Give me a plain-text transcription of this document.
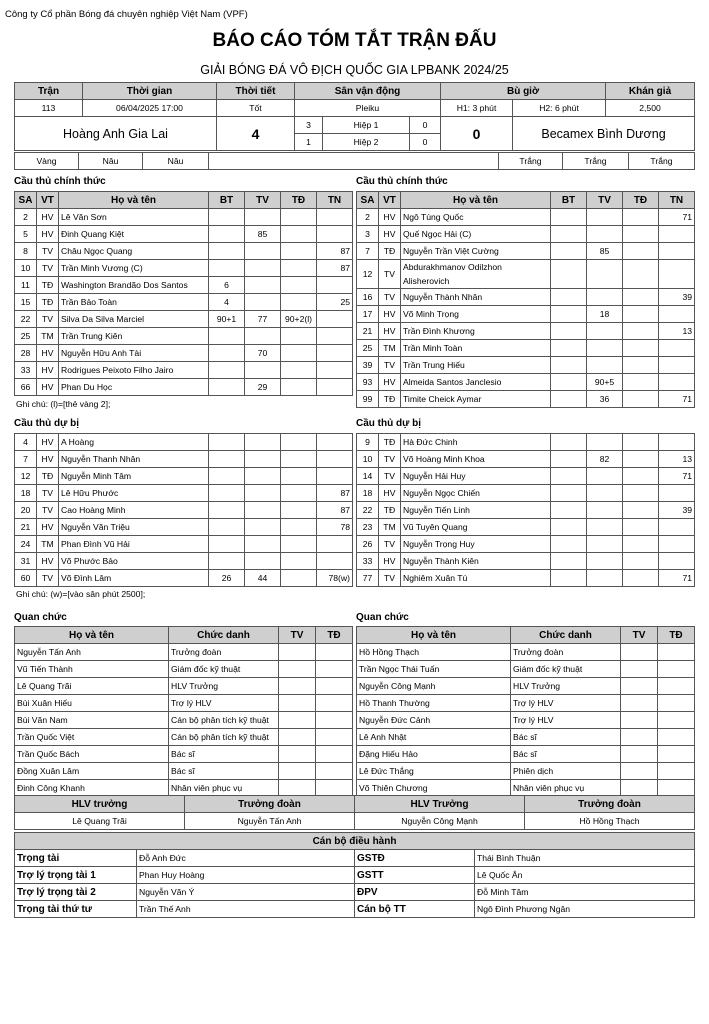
Công ty Cổ phần Bóng đá chuyên nghiệp Việt Nam (VPF)
BÁO CÁO TÓM TẮT TRẬN ĐẤU
GIẢI BÓNG ĐÁ VÔ ĐỊCH QUỐC GIA LPBANK 2024/25
Trận	Thời gian	Thời tiết	Sân vận động			Bù giờ		Khán giả
113	06/04/2025 17:00	Tốt	Pleiku			H1: 3 phút	H2: 6 phút	2,500
Hoàng Anh Gia Lai		4	3	Hiệp 1	0	0	Becamex Bình Dương	
			1	Hiệp 2	0			
Vàng	Nâu	Nâu		Trắng	Trắng	Trắng
Cầu thủ chính thức	Cầu thủ chính thức
SA	VT	Họ và tên	BT	TV	TĐ	TN
2	HV	Lê Văn Sơn				
5	HV	Đinh Quang Kiệt		85		
8	TV	Châu Ngọc Quang				87
10	TV	Trần Minh Vương (C)				87
11	TĐ	Washington Brandão Dos Santos	6			
15	TĐ	Trần Bảo Toàn	4			25
22	TV	Silva Da Silva Marciel	90+1	77	90+2(l)	
25	TM	Trần Trung Kiên				
28	HV	Nguyễn Hữu Anh Tài		70		
33	HV	Rodrigues Peixoto Filho Jairo				
66	HV	Phan Du Học		29		
SA	VT	Họ và tên	BT	TV	TĐ	TN
2	HV	Ngô Tùng Quốc				71
3	HV	Quế Ngọc Hải (C)				
7	TĐ	Nguyễn Trần Việt Cường		85		
12	TV	Abdurakhmanov Odilzhon Alisherovich				
16	TV	Nguyễn Thành Nhân				39
17	HV	Võ Minh Trọng		18		
21	HV	Trần Đình Khương				13
25	TM	Trần Minh Toàn				
39	TV	Trần Trung Hiếu				
93	HV	Almeida Santos Janclesio		90+5		
99	TĐ	Timite Cheick Aymar		36		71
Ghi chú: (l)=[thẻ vàng 2];
Cầu thủ dự bị	Cầu thủ dự bị
4	HV	A Hoàng				
7	HV	Nguyễn Thanh Nhân				
12	TĐ	Nguyễn Minh Tâm				
18	TV	Lê Hữu Phước				87
20	TV	Cao Hoàng Minh				87
21	HV	Nguyễn Văn Triệu				78
24	TM	Phan Đình Vũ Hải				
31	HV	Võ Phước Bảo				
60	TV	Võ Đình Lâm	26	44		78(w)
9	TĐ	Hà Đức Chinh				
10	TV	Võ Hoàng Minh Khoa		82		13
14	TV	Nguyễn Hải Huy				71
18	HV	Nguyễn Ngọc Chiến				
22	TĐ	Nguyễn Tiến Linh				39
23	TM	Vũ Tuyên Quang				
26	TV	Nguyễn Trọng Huy				
33	HV	Nguyễn Thành Kiên				
77	TV	Nghiêm Xuân Tú				71
Ghi chú: (w)=[vào sân phút 2500];
Quan chức	Quan chức
Họ và tên	Chức danh	TV	TĐ
Nguyễn Tấn Anh	Trưởng đoàn		
Vũ Tiến Thành	Giám đốc kỹ thuật		
Lê Quang Trãi	HLV Trưởng		
Bùi Xuân Hiếu	Trợ lý HLV		
Bùi Văn Nam	Cán bộ phân tích kỹ thuật		
Trần Quốc Việt	Cán bộ phân tích kỹ thuật		
Trần Quốc Bách	Bác sĩ		
Đồng Xuân Lâm	Bác sĩ		
Đinh Công Khanh	Nhân viên phục vụ		
Họ và tên	Chức danh	TV	TĐ
Hồ Hồng Thạch	Trưởng đoàn		
Trần Ngọc Thái Tuấn	Giám đốc kỹ thuật		
Nguyễn Công Mạnh	HLV Trưởng		
Hồ Thanh Thường	Trợ lý HLV		
Nguyễn Đức Cảnh	Trợ lý HLV		
Lê Anh Nhật	Bác sĩ		
Đặng Hiếu Hảo	Bác sĩ		
Lê Đức Thắng	Phiên dịch		
Võ Thiên Chương	Nhân viên phục vụ		
HLV trưởng	Trưởng đoàn	HLV Trưởng	Trưởng đoàn
Lê Quang Trãi	Nguyễn Tấn Anh	Nguyễn Công Mạnh	Hồ Hồng Thạch
Cán bộ điều hành			
Trọng tài	Đỗ Anh Đức	GSTĐ	Thái Bình Thuận
Trợ lý trọng tài 1	Phan Huy Hoàng	GSTT	Lê Quốc Ân
Trợ lý trọng tài 2	Nguyễn Văn Ý	ĐPV	Đỗ Minh Tâm
Trọng tài thứ tư	Trần Thế Anh	Cán bộ TT	Ngô Đình Phương Ngân
